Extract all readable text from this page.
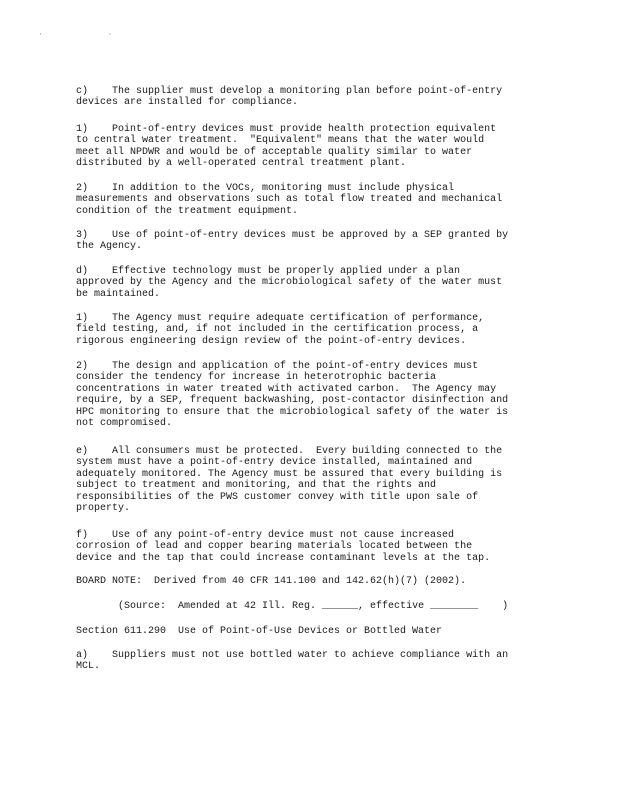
· ·

c)    The supplier must develop a monitoring plan before point-of-entry
devices are installed for compliance.

1)    Point-of-entry devices must provide health protection equivalent
to central water treatment.  "Equivalent" means that the water would
meet all NPDWR and would be of acceptable quality similar to water
distributed by a well-operated central treatment plant.

2)    In addition to the VOCs, monitoring must include physical
measurements and observations such as total flow treated and mechanical
condition of the treatment equipment.

3)    Use of point-of-entry devices must be approved by a SEP granted by
the Agency.

d)    Effective technology must be properly applied under a plan
approved by the Agency and the microbiological safety of the water must
be maintained.

1)    The Agency must require adequate certification of performance,
field testing, and, if not included in the certification process, a
rigorous engineering design review of the point-of-entry devices.

2)    The design and application of the point-of-entry devices must
consider the tendency for increase in heterotrophic bacteria
concentrations in water treated with activated carbon.  The Agency may
require, by a SEP, frequent backwashing, post-contactor disinfection and
HPC monitoring to ensure that the microbiological safety of the water is
not compromised.

e)    All consumers must be protected.  Every building connected to the
system must have a point-of-entry device installed, maintained and
adequately monitored. The Agency must be assured that every building is
subject to treatment and monitoring, and that the rights and
responsibilities of the PWS customer convey with title upon sale of
property.

f)    Use of any point-of-entry device must not cause increased
corrosion of lead and copper bearing materials located between the
device and the tap that could increase contaminant levels at the tap.

BOARD NOTE:  Derived from 40 CFR 141.100 and 142.62(h)(7) (2002).

(Source:  Amended at 42 Ill. Reg. ______, effective ________    )

Section 611.290  Use of Point-of-Use Devices or Bottled Water

a)    Suppliers must not use bottled water to achieve compliance with an
MCL.
